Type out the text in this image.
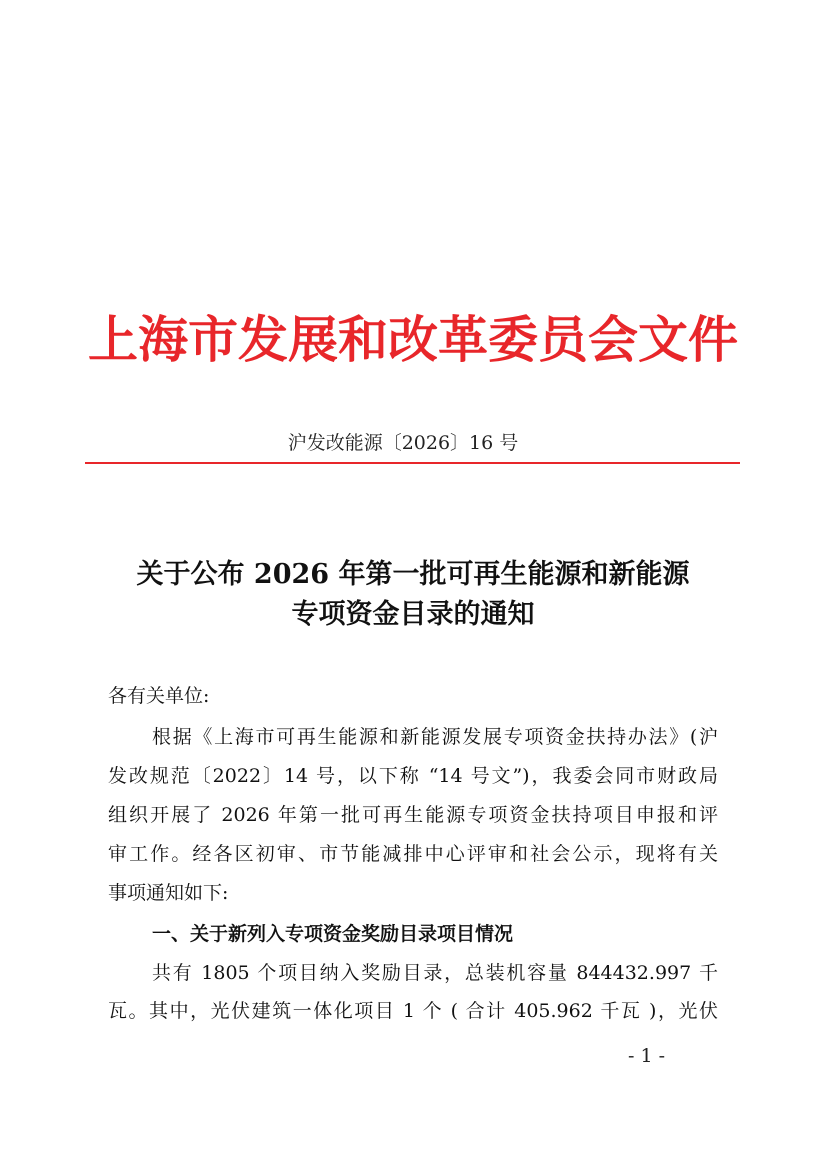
上海市发展和改革委员会文件
沪发改能源〔2026〕16 号
关于公布 2026 年第一批可再生能源和新能源
专项资金目录的通知
各有关单位:
根据《上海市可再生能源和新能源发展专项资金扶持办法》(沪
发改规范〔2022〕14 号，以下称 “14 号文”)，我委会同市财政局
组织开展了 2026 年第一批可再生能源专项资金扶持项目申报和评
审工作。经各区初审、市节能减排中心评审和社会公示，现将有关
事项通知如下:
一、关于新列入专项资金奖励目录项目情况
共有 1805 个项目纳入奖励目录，总装机容量 844432.997 千
瓦。其中，光伏建筑一体化项目 1 个 ( 合计 405.962 千瓦 )，光伏
- 1 -
